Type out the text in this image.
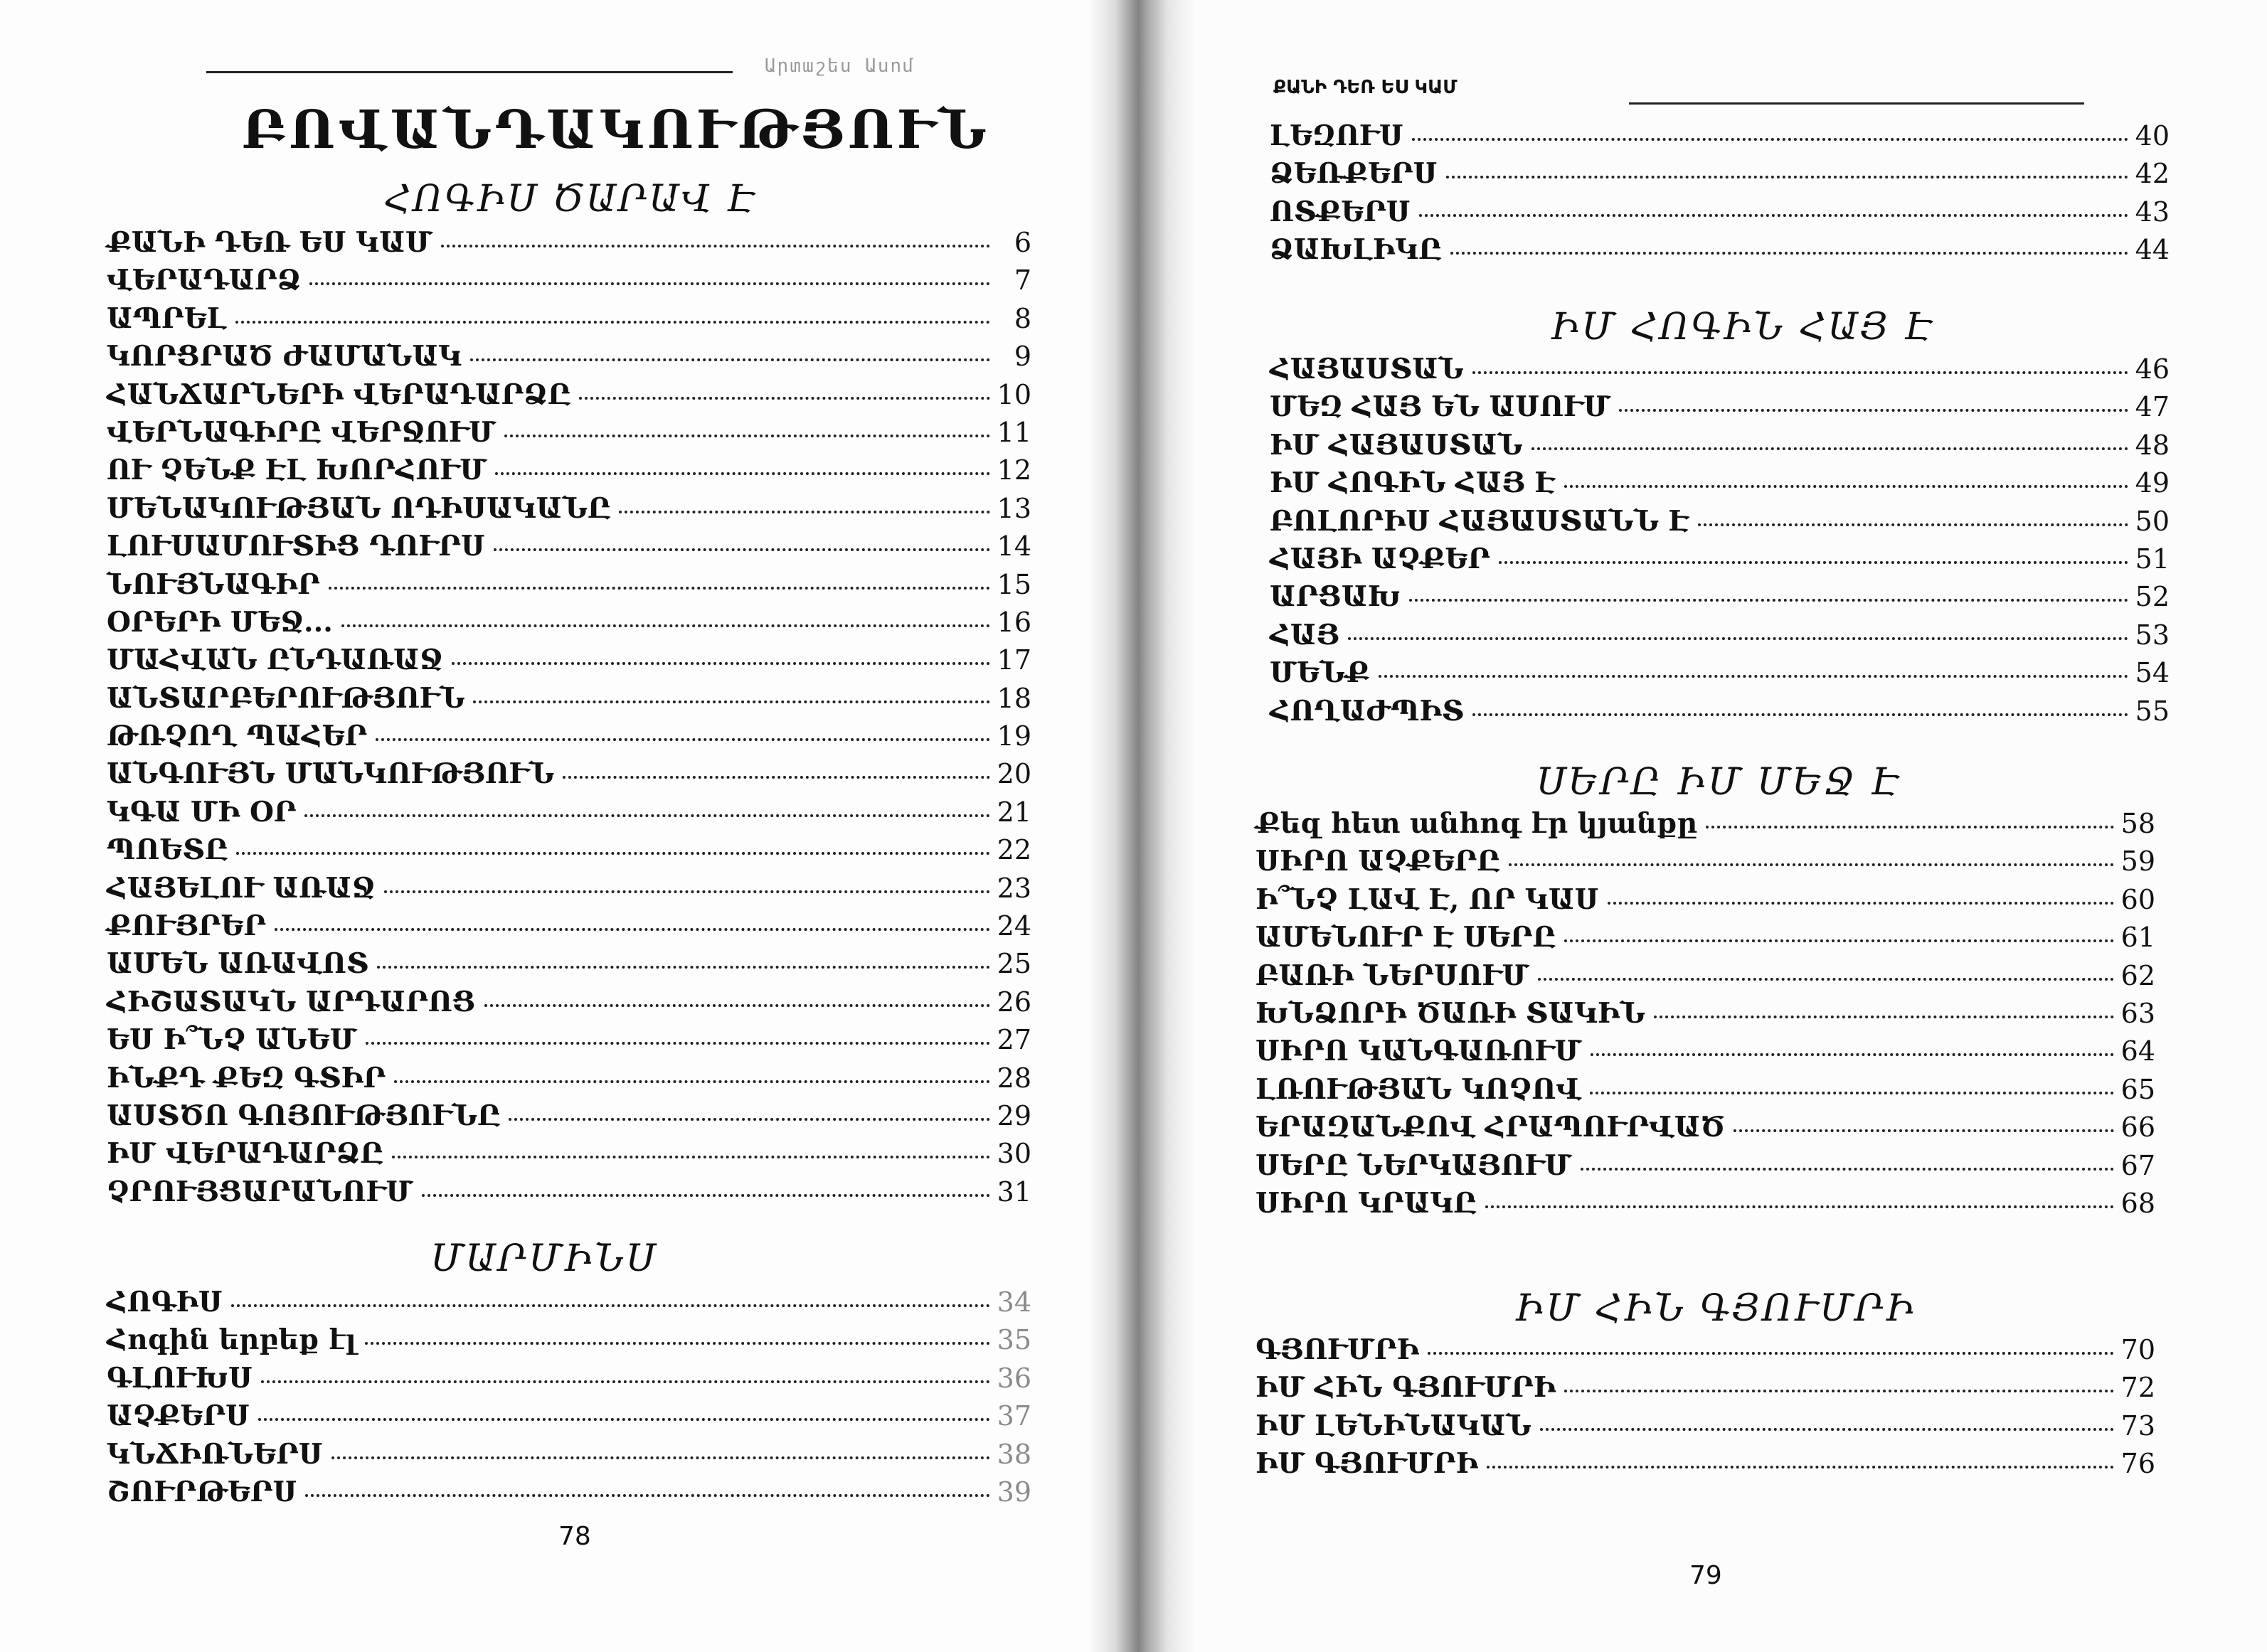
Արտաշես Ասոմ
ԲՈՎԱՆԴԱԿՈՒԹՅՈՒՆ
ՀՈԳԻՍ ԾԱՐԱՎ Է
ՔԱՆԻ ԴԵՌ ԵՍ ԿԱՄ	6
ՎԵՐԱԴԱՐՁ	7
ԱՊՐԵԼ	8
ԿՈՐՑՐԱԾ ԺԱՄԱՆԱԿ	9
ՀԱՆՃԱՐՆԵՐԻ ՎԵՐԱԴԱՐՁԸ	10
ՎԵՐՆԱԳԻՐԸ ՎԵՐՋՈՒՄ	11
ՈՒ ՉԵՆՔ ԷԼ ԽՈՐՀՈՒՄ	12
ՄԵՆԱԿՈՒԹՅԱՆ ՈԴԻՍԱԿԱՆԸ	13
ԼՈՒՍԱՄՈՒՏԻՑ ԴՈՒՐՍ	14
ՆՈՒՅՆԱԳԻՐ	15
ՕՐԵՐԻ ՄԵՋ...	16
ՄԱՀՎԱՆ ԸՆԴԱՌԱՋ	17
ԱՆՏԱՐԲԵՐՈՒԹՅՈՒՆ	18
ԹՌՉՈՂ ՊԱՀԵՐ	19
ԱՆԳՈՒՅՆ ՄԱՆԿՈՒԹՅՈՒՆ	20
ԿԳԱ ՄԻ ՕՐ	21
ՊՈԵՏԸ	22
ՀԱՅԵԼՈՒ ԱՌԱՋ	23
ՔՈՒՅՐԵՐ	24
ԱՄԵՆ ԱՌԱՎՈՏ	25
ՀԻՇԱՏԱԿՆ ԱՐԴԱՐՈՑ	26
ԵՍ Ի՞ՆՉ ԱՆԵՄ	27
ԻՆՔԴ ՔԵԶ ԳՏԻՐ	28
ԱՍՏԾՈ ԳՈՅՈՒԹՅՈՒՆԸ	29
ԻՄ ՎԵՐԱԴԱՐՁԸ	30
ՉՐՈՒՅՑԱՐԱՆՈՒՄ	31
ՄԱՐՄԻՆՍ
ՀՈԳԻՍ	34
Հոգին երբեք էլ	35
ԳԼՈՒԽՍ	36
ԱՉՔԵՐՍ	37
ԿՆՃԻՌՆԵՐՍ	38
ՇՈՒՐԹԵՐՍ	39
78
ՔԱՆԻ ԴԵՌ ԵՍ ԿԱՄ
ԼԵԶՈՒՍ	40
ՁԵՌՔԵՐՍ	42
ՈՏՔԵՐՍ	43
ՁԱԽԼԻԿԸ	44
ԻՄ ՀՈԳԻՆ ՀԱՅ Է
ՀԱՅԱՍՏԱՆ	46
ՄԵԶ ՀԱՅ ԵՆ ԱՍՈՒՄ	47
ԻՄ ՀԱՅԱՍՏԱՆ	48
ԻՄ ՀՈԳԻՆ ՀԱՅ Է	49
ԲՈԼՈՐԻՍ ՀԱՅԱՍՏԱՆՆ Է	50
ՀԱՅԻ ԱՉՔԵՐ	51
ԱՐՑԱԽ	52
ՀԱՅ	53
ՄԵՆՔ	54
ՀՈՂԱԺՊԻՏ	55
ՍԵՐԸ ԻՄ ՄԵՋ Է
Քեզ հետ անհոգ էր կյանքը	58
ՍԻՐՈ ԱՉՔԵՐԸ	59
Ի՞ՆՉ ԼԱՎ Է, ՈՐ ԿԱՍ	60
ԱՄԵՆՈՒՐ Է ՍԵՐԸ	61
ԲԱՌԻ ՆԵՐՍՈՒՄ	62
ԽՆՁՈՐԻ ԾԱՌԻ ՏԱԿԻՆ	63
ՍԻՐՈ ԿԱՆԳԱՌՈՒՄ	64
ԼՌՈՒԹՅԱՆ ԿՈՉՈՎ	65
ԵՐԱԶԱՆՔՈՎ ՀՐԱՊՈՒՐՎԱԾ	66
ՍԵՐԸ ՆԵՐԿԱՅՈՒՄ	67
ՍԻՐՈ ԿՐԱԿԸ	68
ԻՄ ՀԻՆ ԳՅՈՒՄՐԻ
ԳՅՈՒՄՐԻ	70
ԻՄ ՀԻՆ ԳՅՈՒՄՐԻ	72
ԻՄ ԼԵՆԻՆԱԿԱՆ	73
ԻՄ ԳՅՈՒՄՐԻ	76
79
